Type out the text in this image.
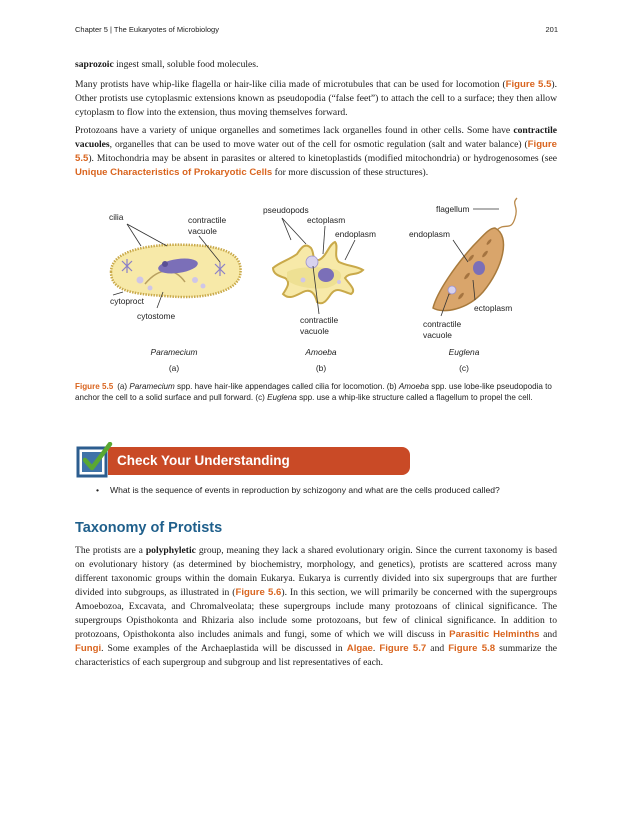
Chapter 5 | The Eukaryotes of Microbiology	201

saprozoic ingest small, soluble food molecules.

Many protists have whip-like flagella or hair-like cilia made of microtubules that can be used for locomotion (Figure 5.5). Other protists use cytoplasmic extensions known as pseudopodia (“false feet”) to attach the cell to a surface; they then allow cytoplasm to flow into the extension, thus moving themselves forward.

Protozoans have a variety of unique organelles and sometimes lack organelles found in other cells. Some have contractile vacuoles, organelles that can be used to move water out of the cell for osmotic regulation (salt and water balance) (Figure 5.5). Mitochondria may be absent in parasites or altered to kinetoplastids (modified mitochondria) or hydrogenosomes (see Unique Characteristics of Prokaryotic Cells for more discussion of these structures).

cilia	contractile
vacuole
cytoproct
cytostome
Paramecium
(a)
pseudopods
ectoplasm
endoplasm
contractile
vacuole
Amoeba
(b)
flagellum
endoplasm
ectoplasm
contractile
vacuole
Euglena
(c)
Figure 5.5 (a) Paramecium spp. have hair-like appendages called cilia for locomotion. (b) Amoeba spp. use lobe-like pseudopodia to anchor the cell to a solid surface and pull forward. (c) Euglena spp. use a whip-like structure called a flagellum to propel the cell.
Check Your Understanding
• What is the sequence of events in reproduction by schizogony and what are the cells produced called?
Taxonomy of Protists

The protists are a polyphyletic group, meaning they lack a shared evolutionary origin. Since the current taxonomy is based on evolutionary history (as determined by biochemistry, morphology, and genetics), protists are scattered across many different taxonomic groups within the domain Eukarya. Eukarya is currently divided into six supergroups that are further divided into subgroups, as illustrated in (Figure 5.6). In this section, we will primarily be concerned with the supergroups Amoebozoa, Excavata, and Chromalveolata; these supergroups include many protozoans of clinical significance. The supergroups Opisthokonta and Rhizaria also include some protozoans, but few of clinical significance. In addition to protozoans, Opisthokonta also includes animals and fungi, some of which we will discuss in Parasitic Helminths and Fungi. Some examples of the Archaeplastida will be discussed in Algae. Figure 5.7 and Figure 5.8 summarize the characteristics of each supergroup and subgroup and list representatives of each.
